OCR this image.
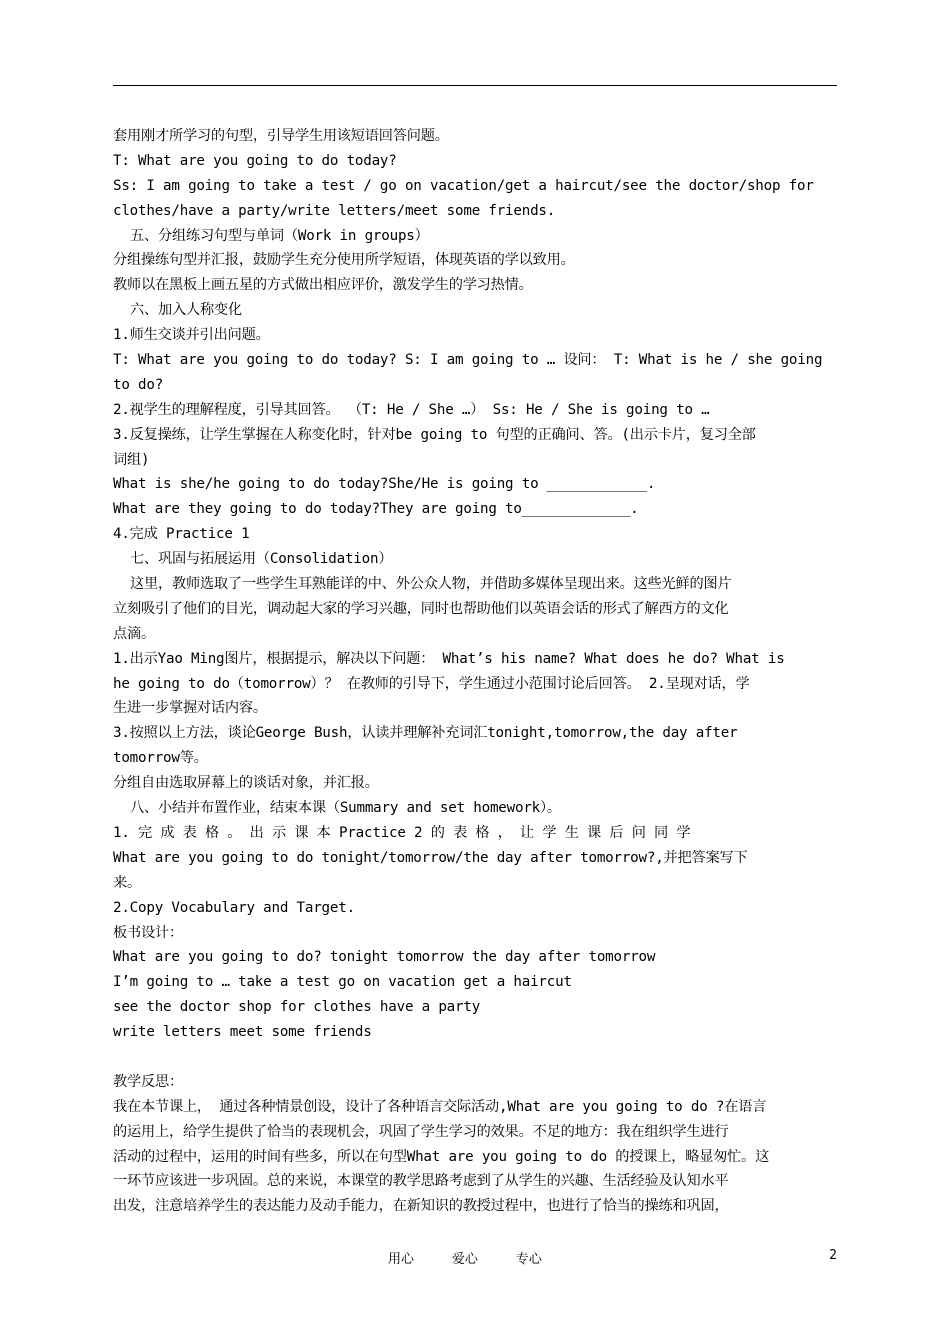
套用刚才所学习的句型，引导学生用该短语回答问题。
T: What are you going to do today?
Ss: I am going to take a test / go on vacation/get a haircut/see the doctor/shop for
clothes/have a party/write letters/meet some friends.
五、分组练习句型与单词（Work in groups）
分组操练句型并汇报，鼓励学生充分使用所学短语，体现英语的学以致用。
教师以在黑板上画五星的方式做出相应评价，激发学生的学习热情。
六、加入人称变化
1.师生交谈并引出问题。
T: What are you going to do today? S: I am going to … 设问： T: What is he / she going
to do?
2.视学生的理解程度，引导其回答。 （T: He / She …） Ss: He / She is going to …
3.反复操练，让学生掌握在人称变化时，针对be going to 句型的正确问、答。(出示卡片，复习全部
词组)
What is she/he going to do today?She/He is going to ____________.
What are they going to do today?They are going to_____________.
4.完成 Practice 1
七、巩固与拓展运用（Consolidation）
这里，教师选取了一些学生耳熟能详的中、外公众人物，并借助多媒体呈现出来。这些光鲜的图片
立刻吸引了他们的目光，调动起大家的学习兴趣，同时也帮助他们以英语会话的形式了解西方的文化
点滴。
1.出示Yao Ming图片，根据提示，解决以下问题： What’s his name? What does he do? What is
he going to do（tomorrow）？ 在教师的引导下，学生通过小范围讨论后回答。 2.呈现对话，学
生进一步掌握对话内容。
3.按照以上方法，谈论George Bush，认读并理解补充词汇tonight,tomorrow,the day after
tomorrow等。
分组自由选取屏幕上的谈话对象，并汇报。
八、小结并布置作业，结束本课（Summary and set homework）。
1. 完 成 表 格 。 出 示 课 本 Practice 2 的 表 格 ， 让 学 生 课 后 问 同 学
What are you going to do tonight/tomorrow/the day after tomorrow?,并把答案写下
来。
2.Copy Vocabulary and Target.
板书设计：
What are you going to do? tonight tomorrow the day after tomorrow
I’m going to … take a test go on vacation get a haircut
see the doctor shop for clothes have a party
write letters meet some friends
教学反思：
我在本节课上， 通过各种情景创设，设计了各种语言交际活动,What are you going to do ?在语言
的运用上，给学生提供了恰当的表现机会，巩固了学生学习的效果。不足的地方：我在组织学生进行
活动的过程中，运用的时间有些多，所以在句型What are you going to do 的授课上，略显匆忙。这
一环节应该进一步巩固。总的来说，本课堂的教学思路考虑到了从学生的兴趣、生活经验及认知水平
出发，注意培养学生的表达能力及动手能力，在新知识的教授过程中，也进行了恰当的操练和巩固，
用心	爱心	专心	2
